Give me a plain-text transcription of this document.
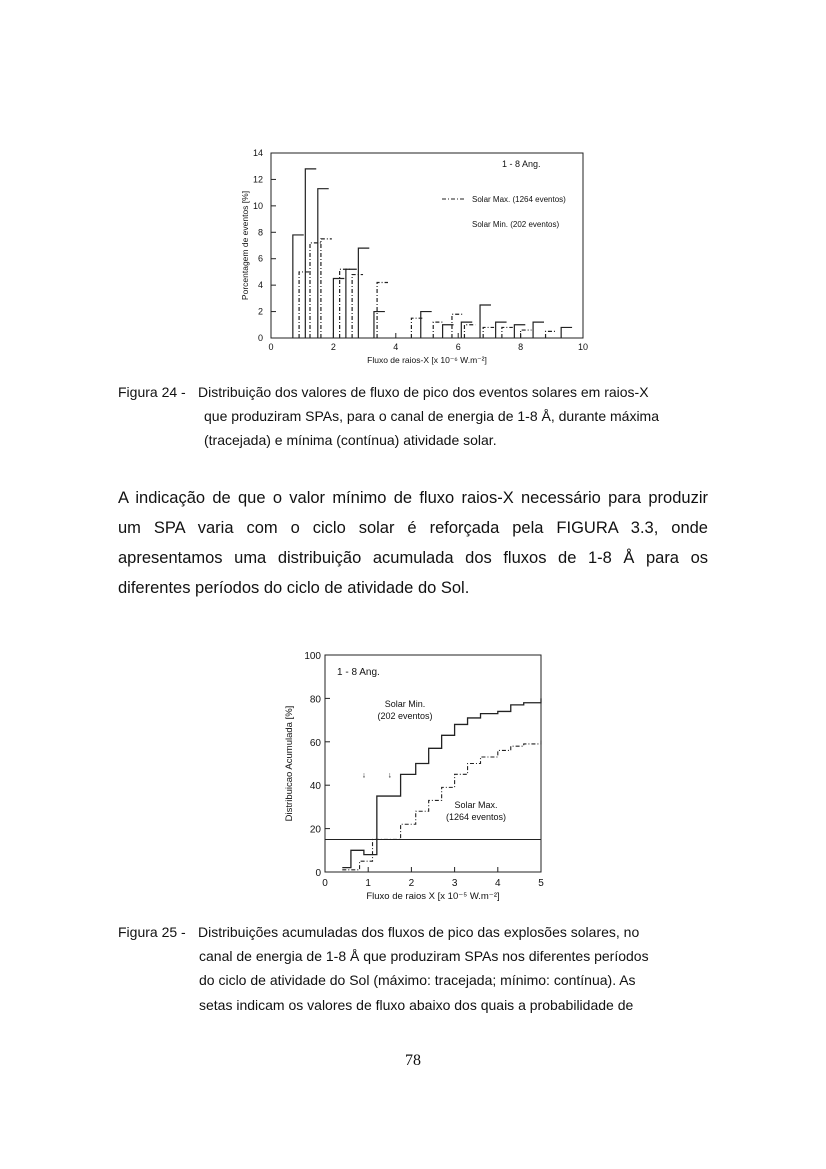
0
2
4
6
8
10
12
14
0	2	4	6	8	10
Fluxo de raios-X [x 10⁻⁶ W.m⁻²]
Porcentagem de eventos [%]
1 - 8 Ang.
Solar Max. (1264 eventos)
Solar Min. (202 eventos)
Figura 24 - Distribuição dos valores de fluxo de pico dos eventos solares em raios-X
que produziram SPAs, para o canal de energia de 1-8 Å, durante máxima
(tracejada) e mínima (contínua) atividade solar.
A indicação de que o valor mínimo de fluxo raios-X necessário para produzir
um SPA varia com o ciclo solar é reforçada pela FIGURA 3.3, onde
apresentamos uma distribuição acumulada dos fluxos de 1-8 Å para os
diferentes períodos do ciclo de atividade do Sol.
0
20
40
60
80
100
0	1	2	3	4	5
Fluxo de raios X [x 10⁻⁵ W.m⁻²]
Distribuicao Acumulada [%]
1 - 8 Ang.
↓	↓
Solar Min.
(202 eventos)
Solar Max.
(1264 eventos)
Figura 25 - Distribuições acumuladas dos fluxos de pico das explosões solares, no
canal de energia de 1-8 Å que produziram SPAs nos diferentes períodos
do ciclo de atividade do Sol (máximo: tracejada; mínimo: contínua). As
setas indicam os valores de fluxo abaixo dos quais a probabilidade de
78
